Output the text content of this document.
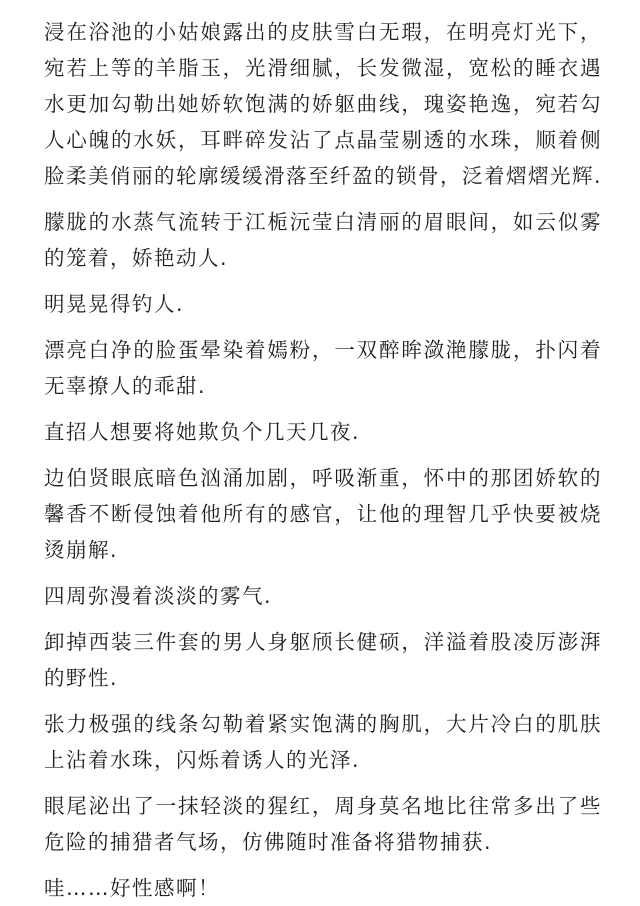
浸在浴池的小姑娘露出的皮肤雪白无瑕，在明亮灯光下，宛若上等的羊脂玉，光滑细腻，长发微湿，宽松的睡衣遇水更加勾勒出她娇软饱满的娇躯曲线，瑰姿艳逸，宛若勾人心魄的水妖，耳畔碎发沾了点晶莹剔透的水珠，顺着侧脸柔美俏丽的轮廓缓缓滑落至纤盈的锁骨，泛着熠熠光辉.

朦胧的水蒸气流转于江栀沅莹白清丽的眉眼间，如云似雾的笼着，娇艳动人.

明晃晃得钓人.

漂亮白净的脸蛋晕染着嫣粉，一双醉眸潋滟朦胧，扑闪着无辜撩人的乖甜.

直招人想要将她欺负个几天几夜.

边伯贤眼底暗色汹涌加剧，呼吸渐重，怀中的那团娇软的馨香不断侵蚀着他所有的感官，让他的理智几乎快要被烧烫崩解.

四周弥漫着淡淡的雾气.

卸掉西装三件套的男人身躯颀长健硕，洋溢着股凌厉澎湃的野性.

张力极强的线条勾勒着紧实饱满的胸肌，大片冷白的肌肤上沾着水珠，闪烁着诱人的光泽.

眼尾泌出了一抹轻淡的猩红，周身莫名地比往常多出了些危险的捕猎者气场，仿佛随时准备将猎物捕获.

哇……好性感啊！
